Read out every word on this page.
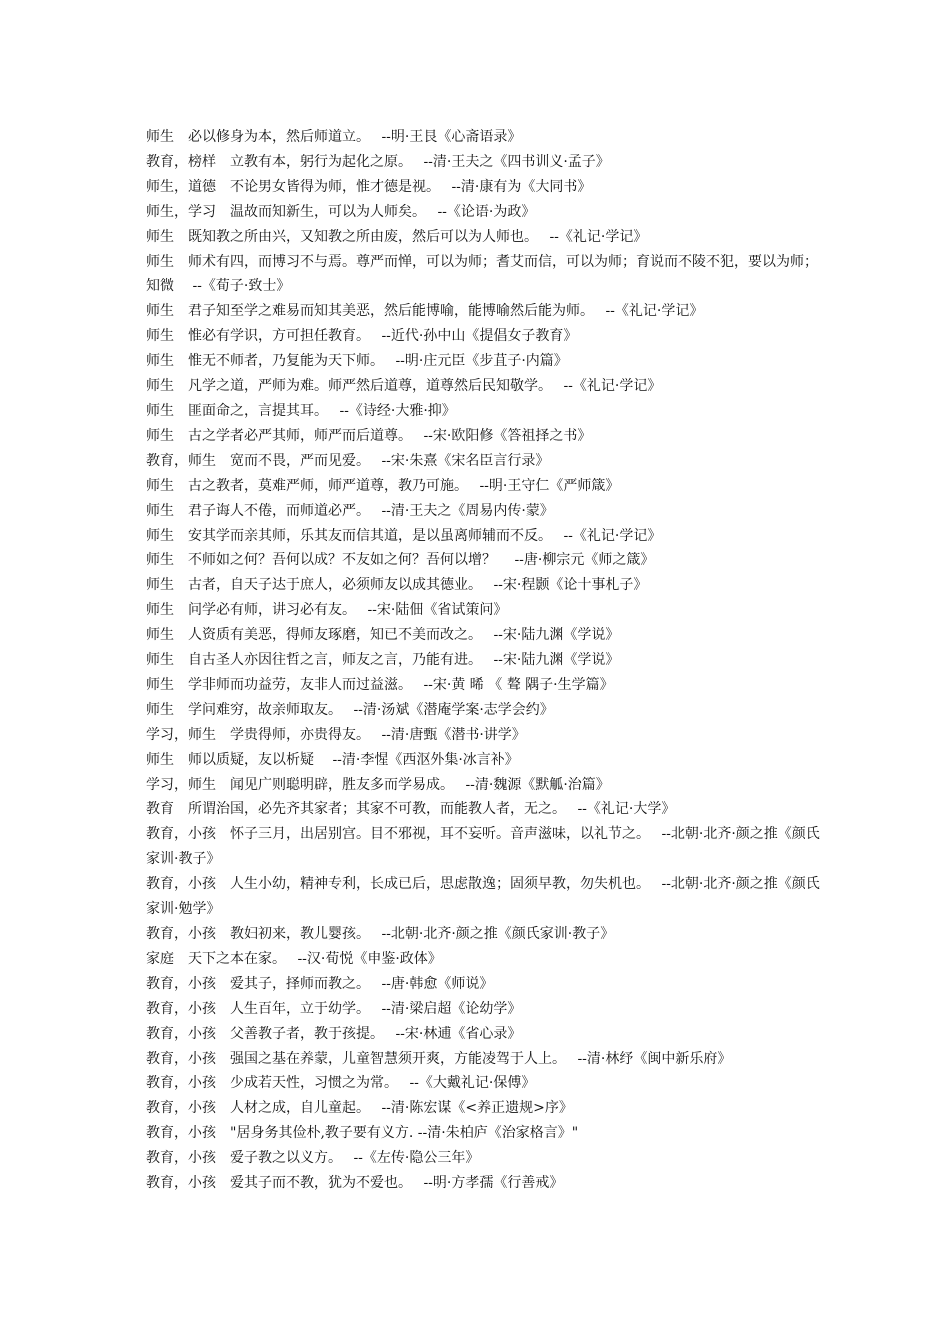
师生　必以修身为本，然后师道立。　 --明·王艮《心斋语录》

教育，榜样　立教有本，躬行为起化之原。　 --清·王夫之《四书训义·孟子》

师生，道德　不论男女皆得为师，惟才德是视。　 --清·康有为《大同书》

师生，学习　温故而知新生，可以为人师矣。　 --《论语·为政》

师生　既知教之所由兴，又知教之所由废，然后可以为人师也。　 --《礼记·学记》

师生　师术有四，而博习不与焉。尊严而惮，可以为师；耆艾而信，可以为师；育说而不陵不犯，要以为师；知微　 --《荀子·致士》

师生　君子知至学之难易而知其美恶，然后能博喻，能博喻然后能为师。　 --《礼记·学记》

师生　惟必有学识，方可担任教育。　 --近代·孙中山《提倡女子教育》

师生　惟无不师者，乃复能为天下师。　 --明·庄元臣《步苴子·内篇》

师生　凡学之道，严师为难。师严然后道尊，道尊然后民知敬学。　 --《礼记·学记》

师生　匪面命之，言提其耳。　 --《诗经·大雅·抑》

师生　古之学者必严其师，师严而后道尊。　 --宋·欧阳修《答祖择之书》

教育，师生　宽而不畏，严而见爱。　 --宋·朱熹《宋名臣言行录》

师生　古之教者，莫难严师，师严道尊，教乃可施。　 --明·王守仁《严师箴》

师生　君子诲人不倦，而师道必严。　 --清·王夫之《周易内传·蒙》

师生　安其学而亲其师，乐其友而信其道，是以虽离师辅而不反。　 --《礼记·学记》

师生　不师如之何？吾何以成？不友如之何？吾何以增？　 --唐·柳宗元《师之箴》

师生　古者，自天子达于庶人，必须师友以成其德业。　 --宋·程颢《论十事札子》

师生　问学必有师，讲习必有友。　 --宋·陆佃《省试策问》

师生　人资质有美恶，得师友琢磨，知已不美而改之。　 --宋·陆九渊《学说》

师生　自古圣人亦因往哲之言，师友之言，乃能有进。　 --宋·陆九渊《学说》

师生　学非师而功益劳，友非人而过益滋。　 --宋·黄 晞 《 聱 隅子·生学篇》

师生　学问难穷，故亲师取友。　 --清·汤斌《潜庵学案·志学会约》

学习，师生　学贵得师，亦贵得友。　 --清·唐甄《潜书·讲学》

师生　师以质疑，友以析疑　 --清·李惺《西沤外集·冰言补》

学习，师生　闻见广则聪明辟，胜友多而学易成。　 --清·魏源《默觚·治篇》

教育　所谓治国，必先齐其家者；其家不可教，而能教人者，无之。　 --《礼记·大学》

教育，小孩　怀子三月，出居别宫。目不邪视，耳不妄听。音声滋味，以礼节之。　 --北朝·北齐·颜之推《颜氏家训·教子》

教育，小孩　人生小幼，精神专利，长成已后，思虑散逸；固须早教，勿失机也。　 --北朝·北齐·颜之推《颜氏家训·勉学》

教育，小孩　教妇初来，教儿婴孩。　 --北朝·北齐·颜之推《颜氏家训·教子》

家庭　天下之本在家。　 --汉·荀悦《申鉴·政体》

教育，小孩　爱其子，择师而教之。　 --唐·韩愈《师说》

教育，小孩　人生百年，立于幼学。　 --清·梁启超《论幼学》

教育，小孩　父善教子者，教于孩提。　 --宋·林逋《省心录》

教育，小孩　强国之基在养蒙，儿童智慧须开爽，方能凌驾于人上。　 --清·林纾《闽中新乐府》

教育，小孩　少成若天性，习惯之为常。　 --《大戴礼记·保傅》

教育，小孩　人材之成，自儿童起。　 --清·陈宏谋《<养正遗规>序》

教育，小孩　"居身务其俭朴,教子要有义方. --清·朱柏庐《治家格言》"

教育，小孩　爱子教之以义方。　 --《左传·隐公三年》

教育，小孩　爱其子而不教，犹为不爱也。　 --明·方孝孺《行善戒》
